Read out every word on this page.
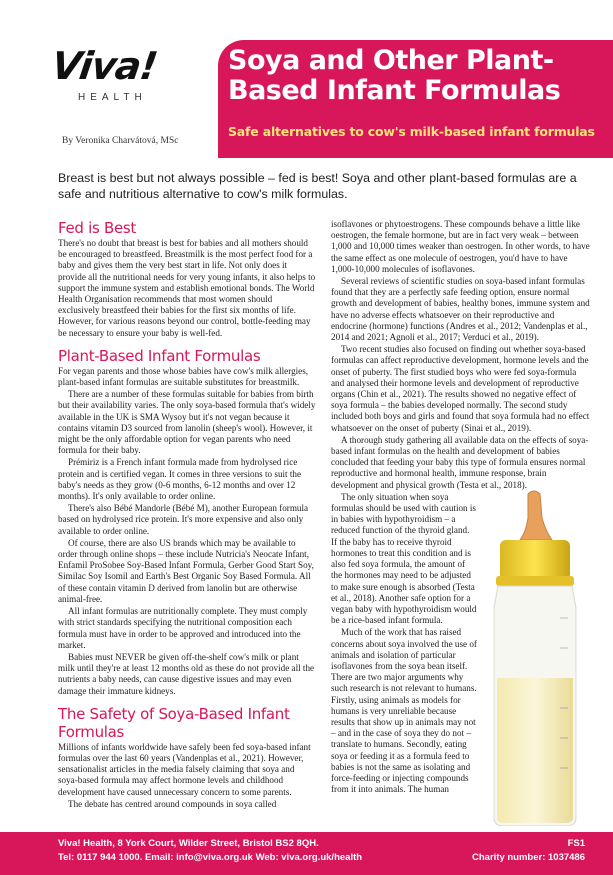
Viva!
HEALTH
By Veronika Charvátová, MSc
Soya and Other Plant-Based Infant Formulas
Safe alternatives to cow's milk-based infant formulas
Breast is best but not always possible – fed is best! Soya and other plant-based formulas are a safe and nutritious alternative to cow's milk formulas.
Fed is Best

There's no doubt that breast is best for babies and all mothers should be encouraged to breastfeed. Breastmilk is the most perfect food for a baby and gives them the very best start in life. Not only does it provide all the nutritional needs for very young infants, it also helps to support the immune system and establish emotional bonds. The World Health Organisation recommends that most women should exclusively breastfeed their babies for the first six months of life. However, for various reasons beyond our control, bottle-feeding may be necessary to ensure your baby is well-fed.

Plant-Based Infant Formulas

For vegan parents and those whose babies have cow's milk allergies, plant-based infant formulas are suitable substitutes for breastmilk.

There are a number of these formulas suitable for babies from birth but their availability varies. The only soya-based formula that's widely available in the UK is SMA Wysoy but it's not vegan because it contains vitamin D3 sourced from lanolin (sheep's wool). However, it might be the only affordable option for vegan parents who need formula for their baby.

Prémiriz is a French infant formula made from hydrolysed rice protein and is certified vegan. It comes in three versions to suit the baby's needs as they grow (0-6 months, 6-12 months and over 12 months). It's only available to order online.

There's also Bébé Mandorle (Bébé M), another European formula based on hydrolysed rice protein. It's more expensive and also only available to order online.

Of course, there are also US brands which may be available to order through online shops – these include Nutricia's Neocate Infant, Enfamil ProSobee Soy-Based Infant Formula, Gerber Good Start Soy, Similac Soy Isomil and Earth's Best Organic Soy Based Formula. All of these contain vitamin D derived from lanolin but are otherwise animal-free.

All infant formulas are nutritionally complete. They must comply with strict standards specifying the nutritional composition each formula must have in order to be approved and introduced into the market.

Babies must NEVER be given off-the-shelf cow's milk or plant milk until they're at least 12 months old as these do not provide all the nutrients a baby needs, can cause digestive issues and may even damage their immature kidneys.

The Safety of Soya-Based Infant Formulas

Millions of infants worldwide have safely been fed soya-based infant formulas over the last 60 years (Vandenplas et al., 2021). However, sensationalist articles in the media falsely claiming that soya and soya-based formula may affect hormone levels and childhood development have caused unnecessary concern to some parents.

The debate has centred around compounds in soya called

isoflavones or phytoestrogens. These compounds behave a little like oestrogen, the female hormone, but are in fact very weak – between 1,000 and 10,000 times weaker than oestrogen. In other words, to have the same effect as one molecule of oestrogen, you'd have to have 1,000-10,000 molecules of isoflavones.

Several reviews of scientific studies on soya-based infant formulas found that they are a perfectly safe feeding option, ensure normal growth and development of babies, healthy bones, immune system and have no adverse effects whatsoever on their reproductive and endocrine (hormone) functions (Andres et al., 2012; Vandenplas et al., 2014 and 2021; Agnoli et al., 2017; Verduci et al., 2019).

Two recent studies also focused on finding out whether soya-based formulas can affect reproductive development, hormone levels and the onset of puberty. The first studied boys who were fed soya-formula and analysed their hormone levels and development of reproductive organs (Chin et al., 2021). The results showed no negative effect of soya formula – the babies developed normally. The second study included both boys and girls and found that soya formula had no effect whatsoever on the onset of puberty (Sinai et al., 2019).

A thorough study gathering all available data on the effects of soya-based infant formulas on the health and development of babies concluded that feeding your baby this type of formula ensures normal reproductive and hormonal health, immune response, brain development and physical growth (Testa et al., 2018).

The only situation when soya formulas should be used with caution is in babies with hypothyroidism – a reduced function of the thyroid gland. If the baby has to receive thyroid hormones to treat this condition and is also fed soya formula, the amount of the hormones may need to be adjusted to make sure enough is absorbed (Testa et al., 2018). Another safe option for a vegan baby with hypothyroidism would be a rice-based infant formula.

Much of the work that has raised concerns about soya involved the use of animals and isolation of particular isoflavones from the soya bean itself. There are two major arguments why such research is not relevant to humans. Firstly, using animals as models for humans is very unreliable because results that show up in animals may not – and in the case of soya they do not – translate to humans. Secondly, eating soya or feeding it as a formula feed to babies is not the same as isolating and force-feeding or injecting compounds from it into animals. The human

Viva! Health, 8 York Court, Wilder Street, Bristol BS2 8QH.
Tel: 0117 944 1000. Email: info@viva.org.uk Web: viva.org.uk/health
FS1
Charity number: 1037486
